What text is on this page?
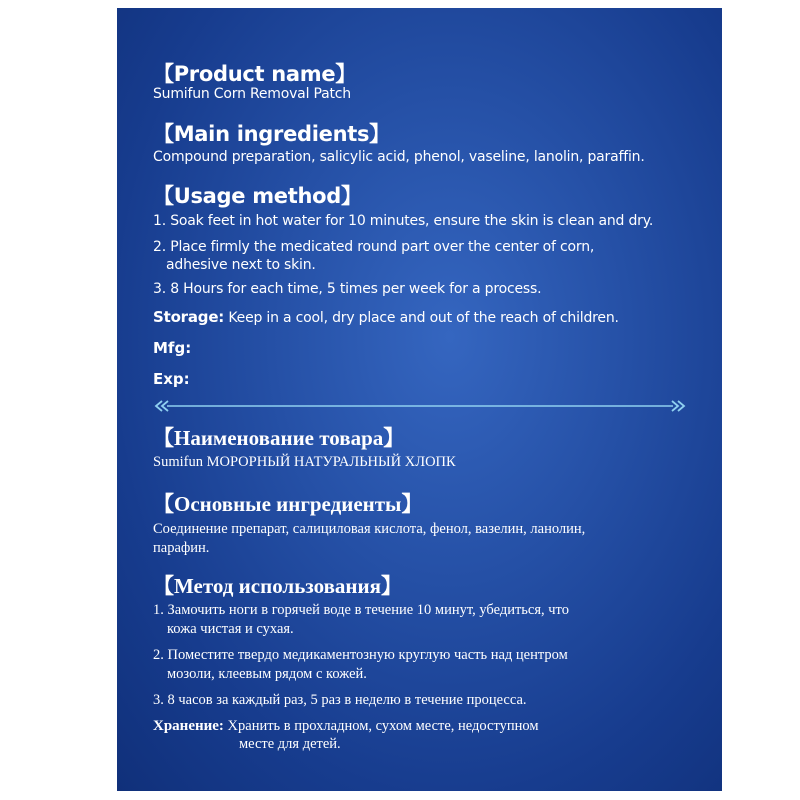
【Product name】
Sumifun Corn Removal Patch
【Main ingredients】
Compound preparation, salicylic acid, phenol, vaseline, lanolin, paraffin.
【Usage method】
1. Soak feet in hot water for 10 minutes, ensure the skin is clean and dry.
2. Place firmly the medicated round part over the center of corn,
adhesive next to skin.
3. 8 Hours for each time, 5 times per week for a process.
Storage: Keep in a cool, dry place and out of the reach of children.
Mfg:
Exp:
【Наименование товара】
Sumifun МОРОРНЫЙ НАТУРАЛЬНЫЙ ХЛОПК
【Основные ингредиенты】
Соединение препарат, салициловая кислота, фенол, вазелин, ланолин,
парафин.
【Метод использования】
1. Замочить ноги в горячей воде в течение 10 минут, убедиться, что
кожа чистая и сухая.
2. Поместите твердо медикаментозную круглую часть над центром
мозоли, клеевым рядом с кожей.
3. 8 часов за каждый раз, 5 раз в неделю в течение процесса.
Хранение: Хранить в прохладном, сухом месте, недоступном
месте для детей.
